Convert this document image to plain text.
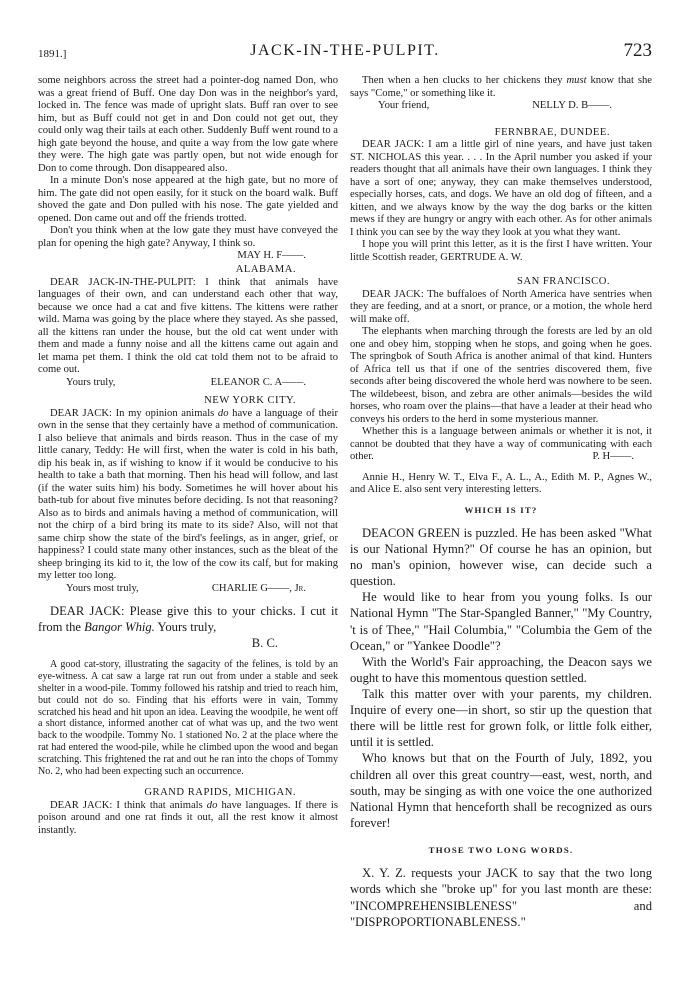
1891.]	JACK-IN-THE-PULPIT.	723

some neighbors across the street had a pointer-dog named Don, who was a great friend of Buff. One day Don was in the neighbor's yard, locked in. The fence was made of upright slats. Buff ran over to see him, but as Buff could not get in and Don could not get out, they could only wag their tails at each other. Suddenly Buff went round to a high gate beyond the house, and quite a way from the low gate where they were. The high gate was partly open, but not wide enough for Don to come through. Don disappeared also.

In a minute Don's nose appeared at the high gate, but no more of him. The gate did not open easily, for it stuck on the board walk. Buff shoved the gate and Don pulled with his nose. The gate yielded and opened. Don came out and off the friends trotted.

Don't you think when at the low gate they must have conveyed the plan for opening the high gate? Anyway, I think so.
MAY H. F——.

ALABAMA.

DEAR JACK-IN-THE-PULPIT: I think that animals have languages of their own, and can understand each other that way, because we once had a cat and five kittens. The kittens were rather wild. Mama was going by the place where they stayed. As she passed, all the kittens ran under the house, but the old cat went under with them and made a funny noise and all the kittens came out again and let mama pet them. I think the old cat told them not to be afraid to come out.

Yours truly,	ELEANOR C. A——.

NEW YORK CITY.

DEAR JACK: In my opinion animals do have a language of their own in the sense that they certainly have a method of communication. I also believe that animals and birds reason. Thus in the case of my little canary, Teddy: He will first, when the water is cold in his bath, dip his beak in, as if wishing to know if it would be conducive to his health to take a bath that morning. Then his head will follow, and last (if the water suits him) his body. Sometimes he will hover about his bath-tub for about five minutes before deciding. Is not that reasoning? Also as to birds and animals having a method of communication, will not the chirp of a bird bring its mate to its side? Also, will not that same chirp show the state of the bird's feelings, as in anger, grief, or happiness? I could state many other instances, such as the bleat of the sheep bringing its kid to it, the low of the cow its calf, but for making my letter too long.

Yours most truly,	CHARLIE G——, Jr.

DEAR JACK: Please give this to your chicks. I cut it from the Bangor Whig. Yours truly,

B. C.

A good cat-story, illustrating the sagacity of the felines, is told by an eye-witness. A cat saw a large rat run out from under a stable and seek shelter in a wood-pile. Tommy followed his ratship and tried to reach him, but could not do so. Finding that his efforts were in vain, Tommy scratched his head and hit upon an idea. Leaving the woodpile, he went off a short distance, informed another cat of what was up, and the two went back to the woodpile. Tommy No. 1 stationed No. 2 at the place where the rat had entered the wood-pile, while he climbed upon the wood and began scratching. This frightened the rat and out he ran into the chops of Tommy No. 2, who had been expecting such an occurrence.

GRAND RAPIDS, MICHIGAN.

DEAR JACK: I think that animals do have languages. If there is poison around and one rat finds it out, all the rest know it almost instantly.

Then when a hen clucks to her chickens they must know that she says "Come," or something like it.

Your friend,	NELLY D. B——.

FERNBRAE, DUNDEE.

DEAR JACK: I am a little girl of nine years, and have just taken ST. NICHOLAS this year. . . . In the April number you asked if your readers thought that all animals have their own languages. I think they have a sort of one; anyway, they can make themselves understood, especially horses, cats, and dogs. We have an old dog of fifteen, and a kitten, and we always know by the way the dog barks or the kitten mews if they are hungry or angry with each other. As for other animals I think you can see by the way they look at you what they want.

I hope you will print this letter, as it is the first I have written. Your little Scottish reader, GERTRUDE A. W.

SAN FRANCISCO.

DEAR JACK: The buffaloes of North America have sentries when they are feeding, and at a snort, or prance, or a motion, the whole herd will make off.

The elephants when marching through the forests are led by an old one and obey him, stopping when he stops, and going when he goes. The springbok of South Africa is another animal of that kind. Hunters of Africa tell us that if one of the sentries discovered them, five seconds after being discovered the whole herd was nowhere to be seen. The wildebeest, bison, and zebra are other animals—besides the wild horses, who roam over the plains—that have a leader at their head who conveys his orders to the herd in some mysterious manner.

Whether this is a language between animals or whether it is not, it cannot be doubted that they have a way of communicating with each other.	P. H——.

Annie H., Henry W. T., Elva F., A. L., A., Edith M. P., Agnes W., and Alice E. also sent very interesting letters.

WHICH IS IT?

DEACON GREEN is puzzled. He has been asked "What is our National Hymn?" Of course he has an opinion, but no man's opinion, however wise, can decide such a question.

He would like to hear from you young folks. Is our National Hymn "The Star-Spangled Banner," "My Country, 't is of Thee," "Hail Columbia," "Columbia the Gem of the Ocean," or "Yankee Doodle"?

With the World's Fair approaching, the Deacon says we ought to have this momentous question settled.

Talk this matter over with your parents, my children. Inquire of every one—in short, so stir up the question that there will be little rest for grown folk, or little folk either, until it is settled.

Who knows but that on the Fourth of July, 1892, you children all over this great country—east, west, north, and south, may be singing as with one voice the one authorized National Hymn that henceforth shall be recognized as ours forever!

THOSE TWO LONG WORDS.

X. Y. Z. requests your JACK to say that the two long words which she "broke up" for you last month are these: "INCOMPREHENSIBLENESS" and "DISPROPORTIONABLENESS."
